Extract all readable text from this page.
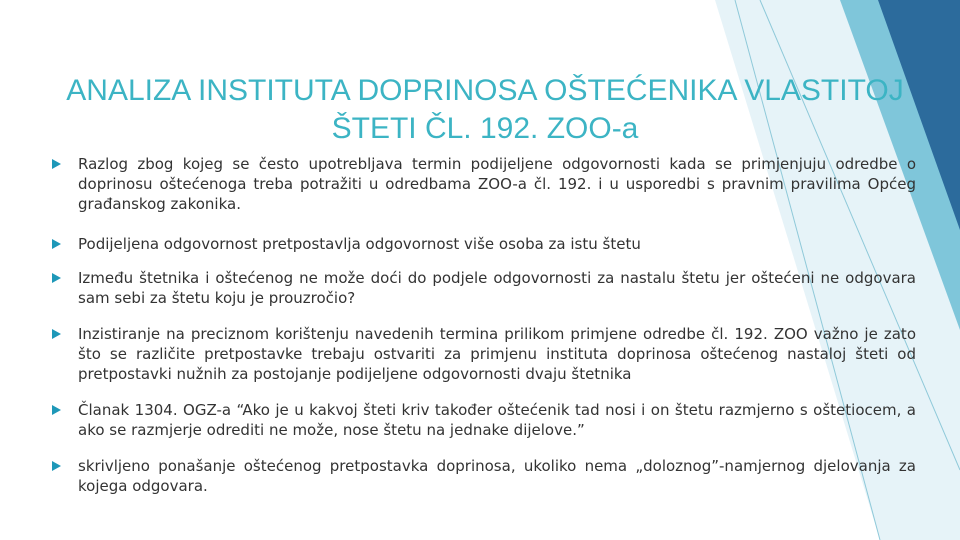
ANALIZA INSTITUTA DOPRINOSA OŠTEĆENIKA VLASTITOJ
ŠTETI ČL. 192. ZOO-a
Razlog zbog kojeg se često upotrebljava termin podijeljene odgovornosti kada se primjenjuju odredbe o doprinosu oštećenoga treba potražiti u odredbama ZOO-a čl. 192. i u usporedbi s pravnim pravilima Općeg građanskog zakonika.
Podijeljena odgovornost pretpostavlja odgovornost više osoba za istu štetu
Između štetnika i oštećenog ne može doći do podjele odgovornosti za nastalu štetu jer oštećeni ne odgovara sam sebi za štetu koju je prouzročio?
Inzistiranje na preciznom korištenju navedenih termina prilikom primjene odredbe čl. 192. ZOO važno je zato što se različite pretpostavke trebaju ostvariti za primjenu instituta doprinosa oštećenog nastaloj šteti od pretpostavki nužnih za postojanje podijeljene odgovornosti dvaju štetnika
Članak 1304. OGZ-a “Ako je u kakvoj šteti kriv također oštećenik tad nosi i on štetu razmjerno s oštetiocem, a ako se razmjerje odrediti ne može, nose štetu na jednake dijelove.”
skrivljeno ponašanje oštećenog pretpostavka doprinosa, ukoliko nema „doloznog”-namjernog djelovanja za kojega odgovara.
